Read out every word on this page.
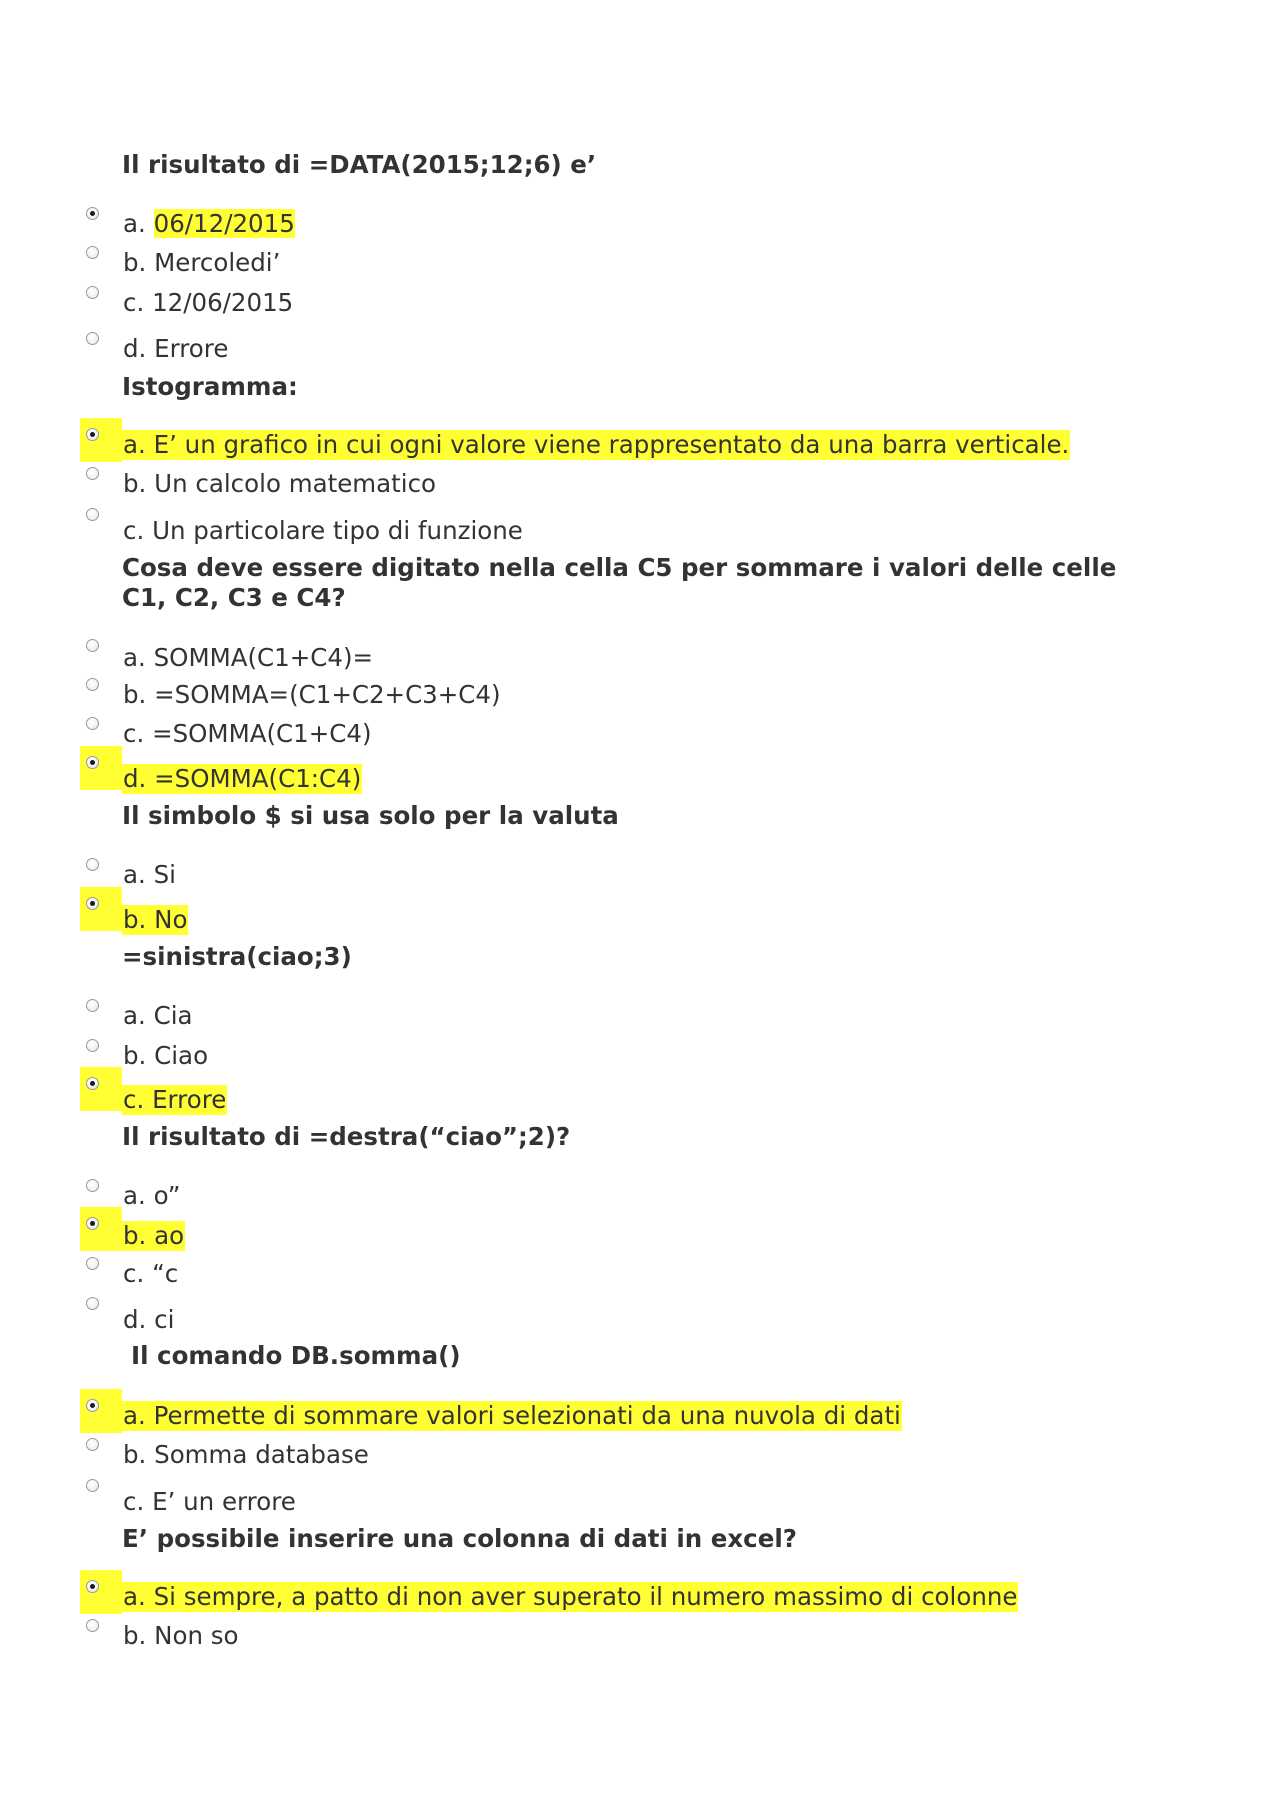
Il risultato di =DATA(2015;12;6) e’
a. 06/12/2015
b. Mercoledi’
c. 12/06/2015
d. Errore
Istogramma:
a. E’ un grafico in cui ogni valore viene rappresentato da una barra verticale.
b. Un calcolo matematico
c. Un particolare tipo di funzione
Cosa deve essere digitato nella cella C5 per sommare i valori delle celle C1, C2, C3 e C4?
a. SOMMA(C1+C4)=
b. =SOMMA=(C1+C2+C3+C4)
c. =SOMMA(C1+C4)
d. =SOMMA(C1:C4)
Il simbolo $ si usa solo per la valuta
a. Si
b. No
=sinistra(ciao;3)
a. Cia
b. Ciao
c. Errore
Il risultato di =destra(“ciao”;2)?
a. o”
b. ao
c. “c
d. ci
Il comando DB.somma()
a. Permette di sommare valori selezionati da una nuvola di dati
b. Somma database
c. E’ un errore
E’ possibile inserire una colonna di dati in excel?
a. Si sempre, a patto di non aver superato il numero massimo di colonne
b. Non so
